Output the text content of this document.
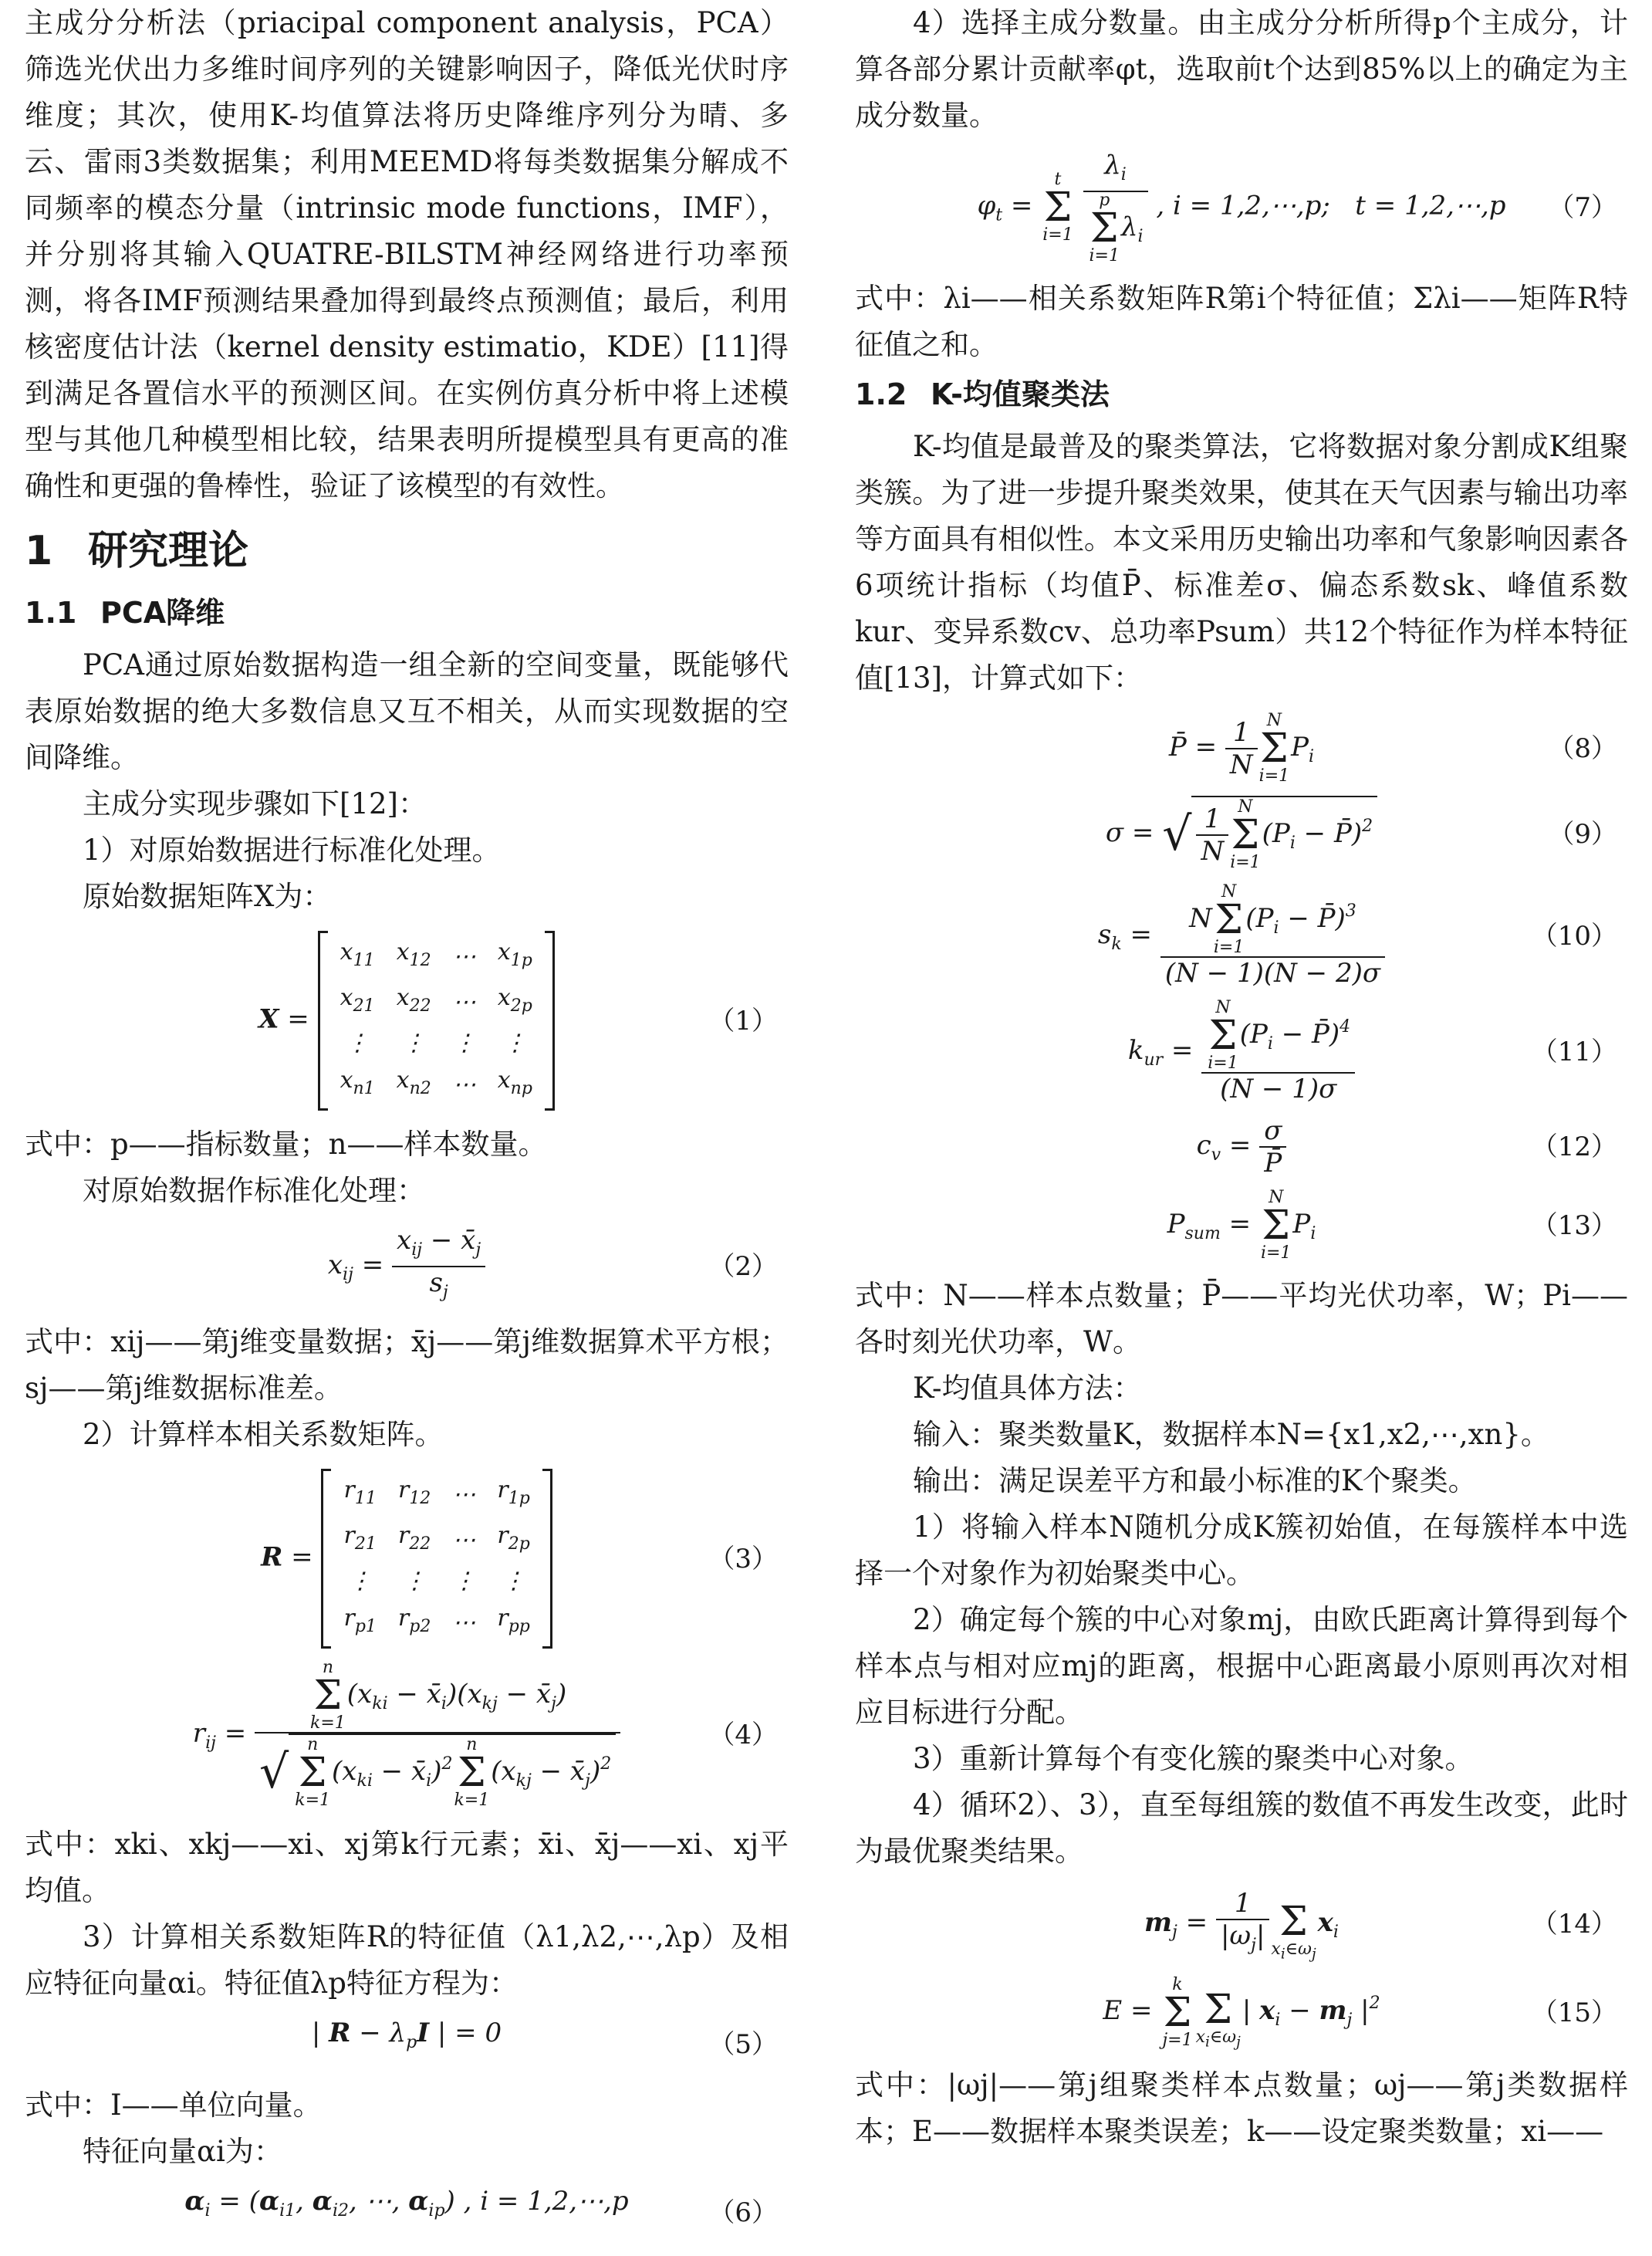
主成分分析法（priacipal component analysis，PCA）筛选光伏出力多维时间序列的关键影响因子，降低光伏时序维度；其次，使用K-均值算法将历史降维序列分为晴、多云、雷雨3类数据集；利用MEEMD将每类数据集分解成不同频率的模态分量（intrinsic mode functions，IMF），并分别将其输入QUATRE-BILSTM神经网络进行功率预测，将各IMF预测结果叠加得到最终点预测值；最后，利用核密度估计法（kernel density estimatio，KDE）[11]得到满足各置信水平的预测区间。在实例仿真分析中将上述模型与其他几种模型相比较，结果表明所提模型具有更高的准确性和更强的鲁棒性，验证了该模型的有效性。

1 研究理论
1.1 PCA降维

PCA通过原始数据构造一组全新的空间变量，既能够代表原始数据的绝大多数信息又互不相关，从而实现数据的空间降维。

主成分实现步骤如下[12]：
1）对原始数据进行标准化处理。
原始数据矩阵X为：
X =
$x_{11}$	$x_{12}$	⋯	$x_{1p}$
$x_{21}$	$x_{22}$	⋯	$x_{2p}$
⋮	⋮	⋮	⋮
$x_{n1}$	$x_{n2}$	⋯	$x_{np}$
（1）
式中：p——指标数量；n——样本数量。
对原始数据作标准化处理：
$x_{ij} = \frac{x_{ij} - x̄_j}{s_j}$	（2）

式中：xij——第j维变量数据；x̄j——第j维数据算术平方根；sj——第j维数据标准差。

2）计算样本相关系数矩阵。
R =
$r_{11}$	$r_{12}$	⋯	$r_{1p}$
$r_{21}$	$r_{22}$	⋯	$r_{2p}$
⋮	⋮	⋮	⋮
$r_{p1}$	$r_{p2}$	⋯	$r_{pp}$
（3）
$r_{ij} = n$
Σ
$k=1(x_{ki}$ − $x̄_i)(x_{kj}$ − $x̄_j$)
√n
Σ
$k=1(x_{ki}$ − $x̄_i)^2n$
Σ
$k=1(x_{kj}$ − $x̄_j)^2$	（4）

式中：xki、xkj——xi、xj第k行元素；x̄i、x̄j——xi、xj平均值。

3）计算相关系数矩阵R的特征值（λ1,λ2,⋯,λp）及相应特征向量αi。特征值λp特征方程为：

| $R - \lambda_pI$ | = 0	（5）
式中：I——单位向量。
特征向量αi为：
$\alpha_i = (\alpha_{i1}$, $\alpha_{i2}$, ⋯, $\alpha_{ip}$) , i = 1,2,⋯,p	（6）

4）选择主成分数量。由主成分分析所得p个主成分，计算各部分累计贡献率φt，选取前t个达到85%以上的确定为主成分数量。

$\varphi_t = t$
Σ
i=1 $\lambda_i$
p
Σ
$i=1\lambda_i$ , i = 1,2,⋯,p;   t = 1,2,⋯,p	（7）

式中：λi——相关系数矩阵R第i个特征值；Σλi——矩阵R特征值之和。

1.2 K-均值聚类法

K-均值是最普及的聚类算法，它将数据对象分割成K组聚类簇。为了进一步提升聚类效果，使其在天气因素与输出功率等方面具有相似性。本文采用历史输出功率和气象影响因素各6项统计指标（均值P̄、标准差σ、偏态系数sk、峰值系数kur、变异系数cv、总功率Psum）共12个特征作为样本特征值[13]，计算式如下：

P̄ = $\frac{1}{N}$ N
Σ
$i=1P_i$	（8）
σ = √ $\frac{1}{N}$ N
Σ
$i=1(P_i$ − P̄)$^2$	（9）
$s_k$ = NN
Σ
$i=1(P_i$ − P̄)$^3$
(N − 1)(N − 2)σ	（10）
$k_{ur} = N$
Σ
$i=1(P_i$ − P̄)$^4$
(N − 1)σ	（11）
$c_v = \frac{\sigma}{P̄}$	（12）
$P_{sum} = N$
Σ
$i=1P_i$	（13）

式中：N——样本点数量；P̄——平均光伏功率，W；Pi——各时刻光伏功率，W。

K-均值具体方法：
输入：聚类数量K，数据样本N={x1,x2,⋯,xn}。
输出：满足误差平方和最小标准的K个聚类。

1）将输入样本N随机分成K簇初始值，在每簇样本中选择一个对象作为初始聚类中心。

2）确定每个簇的中心对象mj，由欧氏距离计算得到每个样本点与相对应mj的距离，根据中心距离最小原则再次对相应目标进行分配。

3）重新计算每个有变化簇的聚类中心对象。

4）循环2）、3），直至每组簇的数值不再发生改变，此时为最优聚类结果。

$m_j = \frac{1}{|\omega_j|}$
Σ
$x_i\in\omega_jx_i$	（14）
E = k
Σ
j=1
Σ
$x_i\in\omega_j|$ $x_i - m_j$ $|^2$	（15）

式中：|ωj|——第j组聚类样本点数量；ωj——第j类数据样本；E——数据样本聚类误差；k——设定聚类数量；xi——
